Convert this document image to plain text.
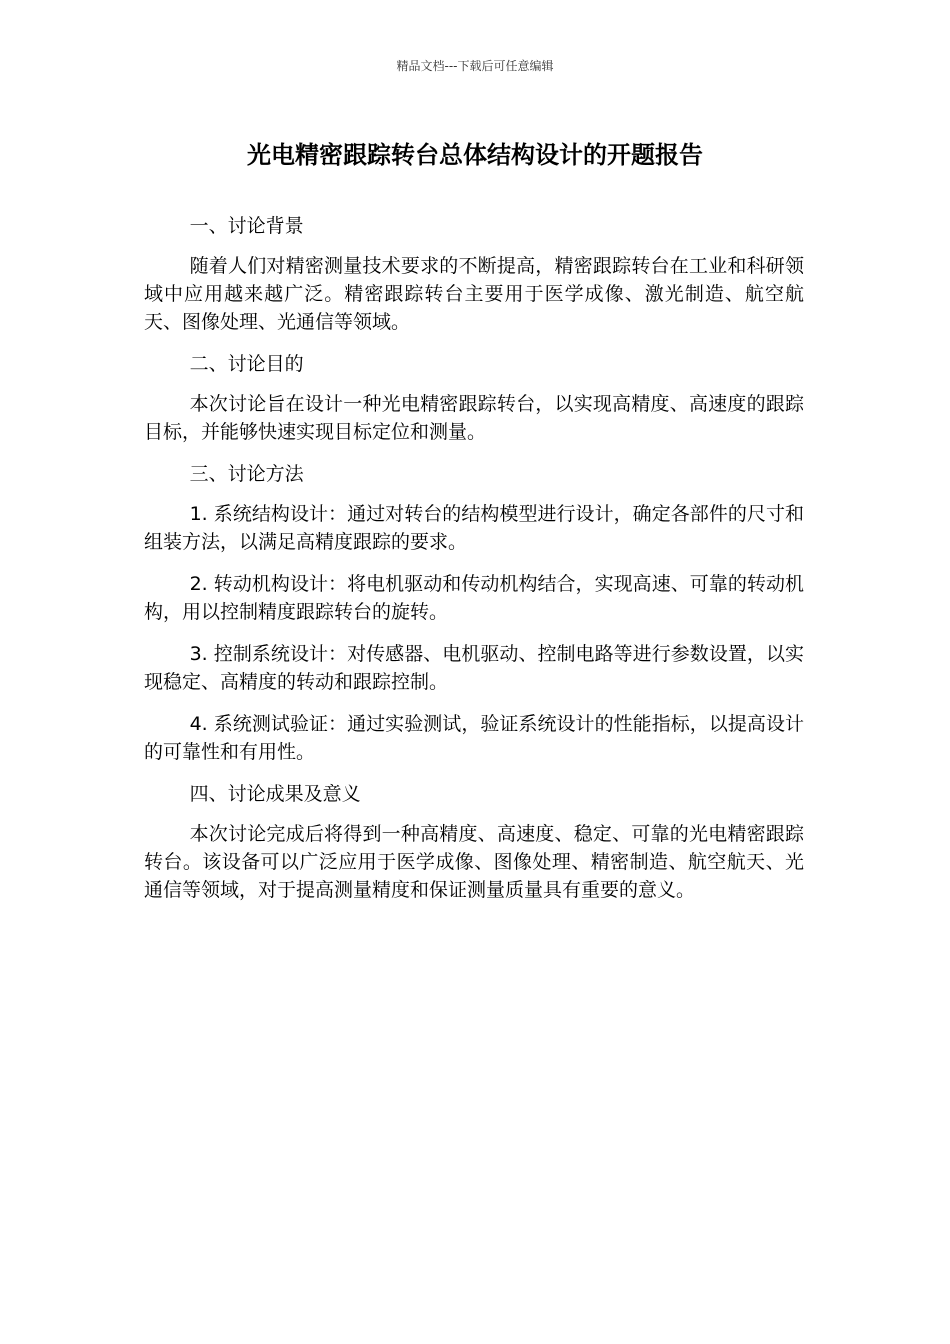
精品文档---下载后可任意编辑
光电精密跟踪转台总体结构设计的开题报告

一、讨论背景

随着人们对精密测量技术要求的不断提高，精密跟踪转台在工业和科研领域中应用越来越广泛。精密跟踪转台主要用于医学成像、激光制造、航空航天、图像处理、光通信等领域。

二、讨论目的

本次讨论旨在设计一种光电精密跟踪转台，以实现高精度、高速度的跟踪目标，并能够快速实现目标定位和测量。

三、讨论方法

1. 系统结构设计：通过对转台的结构模型进行设计，确定各部件的尺寸和组装方法，以满足高精度跟踪的要求。

2. 转动机构设计：将电机驱动和传动机构结合，实现高速、可靠的转动机构，用以控制精度跟踪转台的旋转。

3. 控制系统设计：对传感器、电机驱动、控制电路等进行参数设置，以实现稳定、高精度的转动和跟踪控制。

4. 系统测试验证：通过实验测试，验证系统设计的性能指标，以提高设计的可靠性和有用性。

四、讨论成果及意义

本次讨论完成后将得到一种高精度、高速度、稳定、可靠的光电精密跟踪转台。该设备可以广泛应用于医学成像、图像处理、精密制造、航空航天、光通信等领域，对于提高测量精度和保证测量质量具有重要的意义。
